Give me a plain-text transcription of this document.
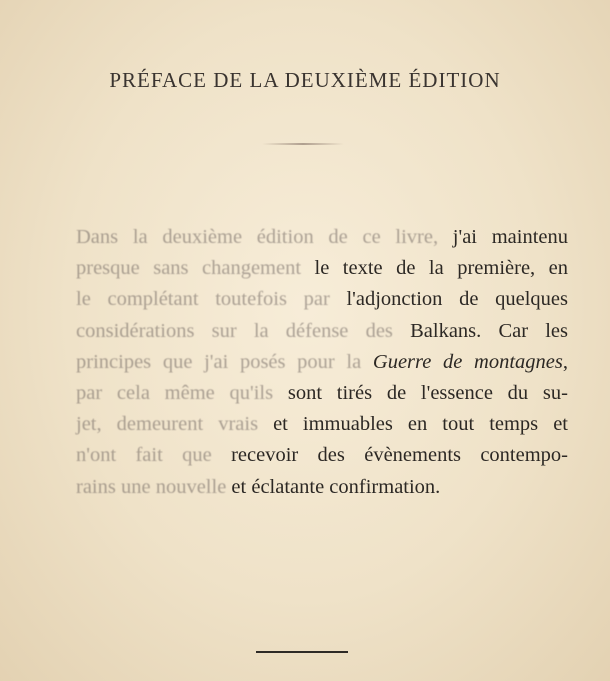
PRÉFACE DE LA DEUXIÈME ÉDITION
Dans la deuxième édition de ce livre, j'ai maintenu
presque sans changement le texte de la première, en
le complétant toutefois par l'adjonction de quelques
considérations sur la défense des Balkans. Car les
principes que j'ai posés pour la Guerre de montagnes,
par cela même qu'ils sont tirés de l'essence du su-
jet, demeurent vrais et immuables en tout temps et
n'ont fait que recevoir des évènements contempo-
rains une nouvelle et éclatante confirmation.
